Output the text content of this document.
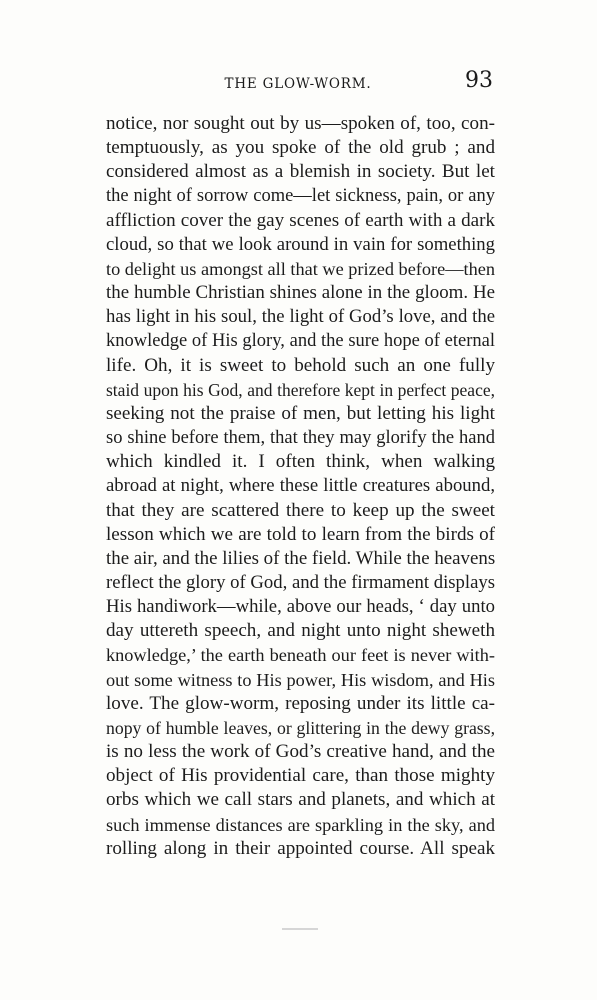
THE GLOW-WORM.	93
notice, nor sought out by us—spoken of, too, con-
temptuously, as you spoke of the old grub ; and
considered almost as a blemish in society. But let
the night of sorrow come—let sickness, pain, or any
affliction cover the gay scenes of earth with a dark
cloud, so that we look around in vain for something
to delight us amongst all that we prized before—then
the humble Christian shines alone in the gloom. He
has light in his soul, the light of God’s love, and the
knowledge of His glory, and the sure hope of eternal
life. Oh, it is sweet to behold such an one fully
staid upon his God, and therefore kept in perfect peace,
seeking not the praise of men, but letting his light
so shine before them, that they may glorify the hand
which kindled it. I often think, when walking
abroad at night, where these little creatures abound,
that they are scattered there to keep up the sweet
lesson which we are told to learn from the birds of
the air, and the lilies of the field. While the heavens
reflect the glory of God, and the firmament displays
His handiwork—while, above our heads, ‘ day unto
day uttereth speech, and night unto night sheweth
knowledge,’ the earth beneath our feet is never with-
out some witness to His power, His wisdom, and His
love. The glow-worm, reposing under its little ca-
nopy of humble leaves, or glittering in the dewy grass,
is no less the work of God’s creative hand, and the
object of His providential care, than those mighty
orbs which we call stars and planets, and which at
such immense distances are sparkling in the sky, and
rolling along in their appointed course. All speak
